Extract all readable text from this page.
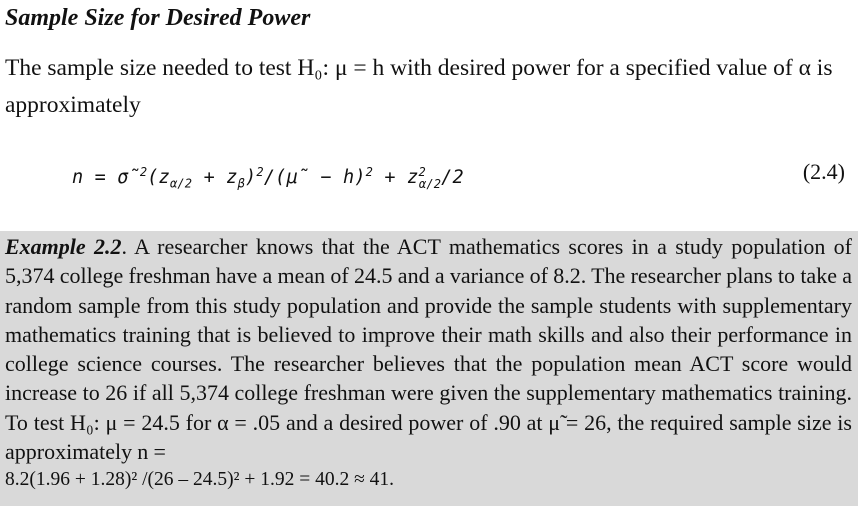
Sample Size for Desired Power

The sample size needed to test H₀: μ = h with desired power for a specified value of α is approximately

$n = \sigmã^2(z_{\alpha/2}$ + $z_\beta)^2/(\mũ - h)^2 + z^2_{\alpha/2}/2$	(2.4)

Example 2.2. A researcher knows that the ACT mathematics scores in a study population of 5,374 college freshman have a mean of 24.5 and a variance of 8.2. The researcher plans to take a random sample from this study population and provide the sample students with supplementary mathematics training that is believed to improve their math skills and also their performance in college science courses. The researcher believes that the population mean ACT score would increase to 26 if all 5,374 college freshman were given the supplementary mathematics training. To test H₀: μ = 24.5 for α = .05 and a desired power of .90 at μ̃ = 26, the required sample size is approximately n =

8.2(1.96 + 1.28)² /(26 – 24.5)² + 1.92 = 40.2 ≈ 41.
